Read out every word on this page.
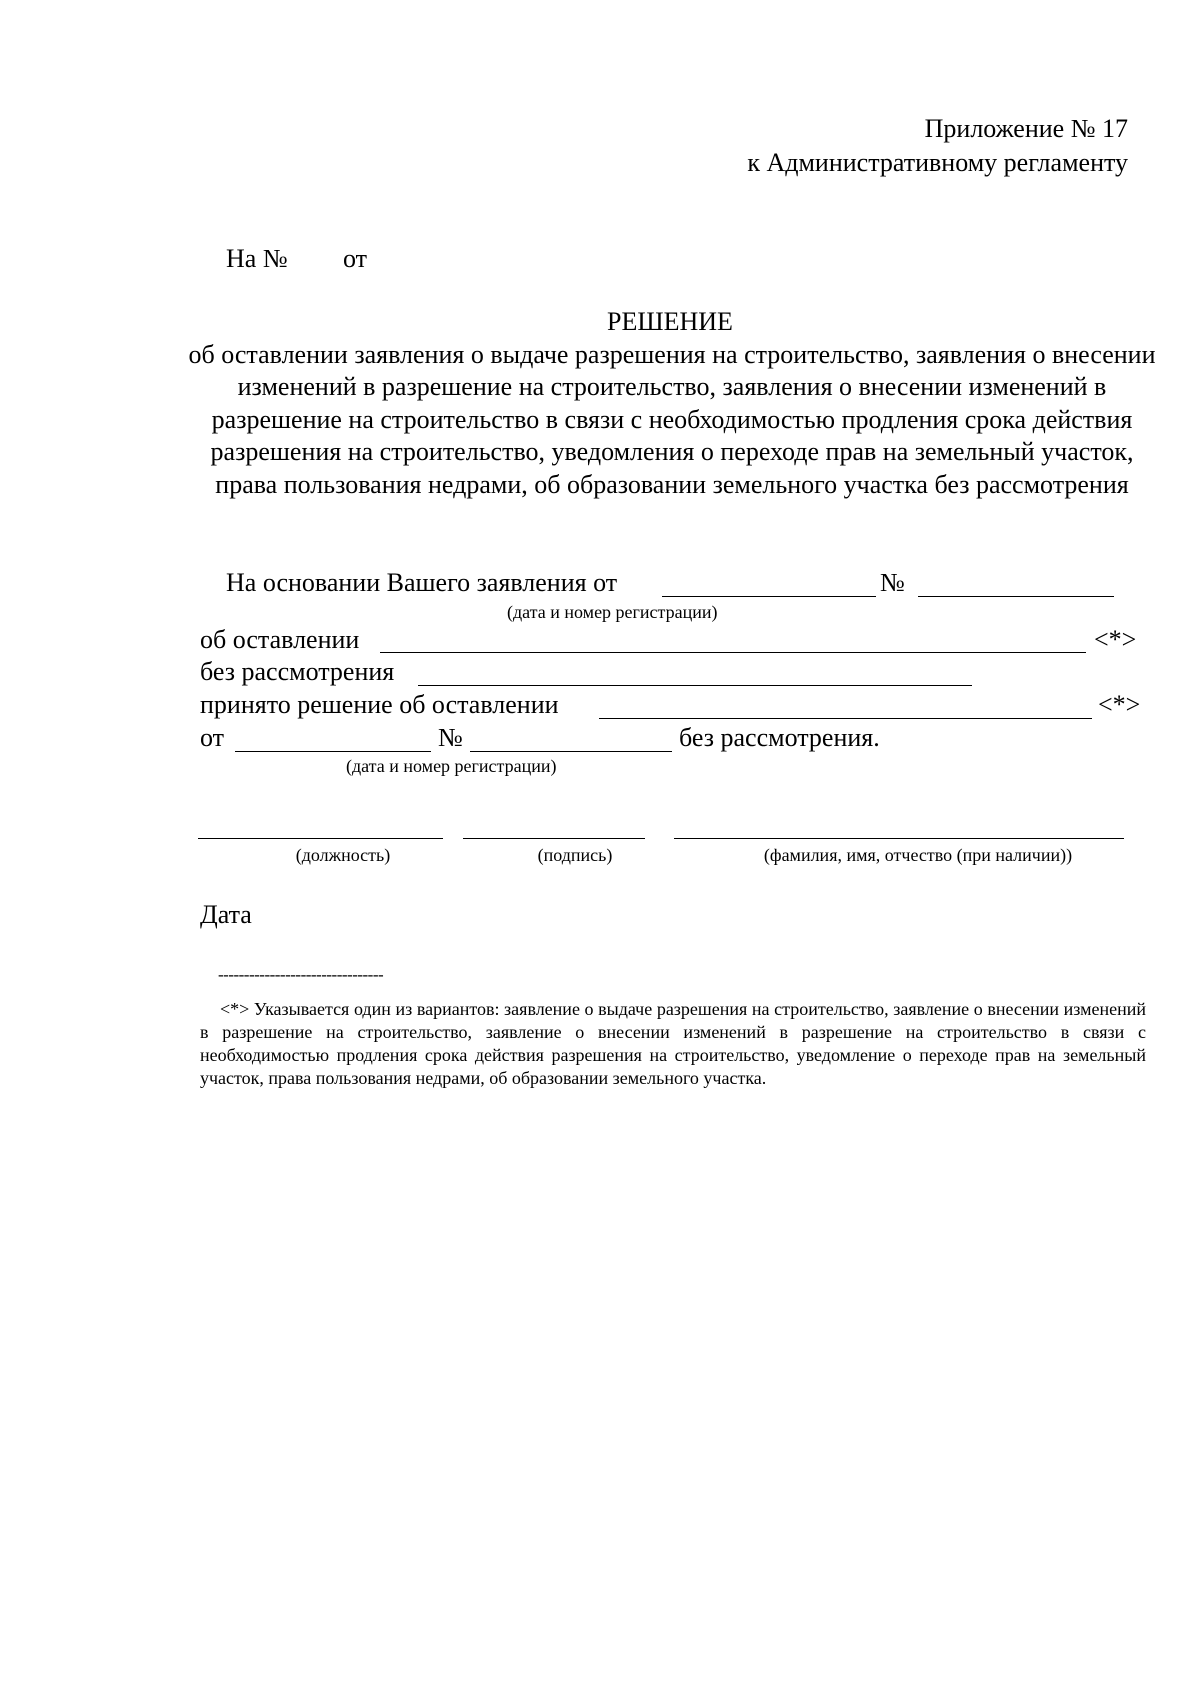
Приложение № 17
к Административному регламенту
На № от
РЕШЕНИЕ
об оставлении заявления о выдаче разрешения на строительство, заявления о внесении изменений в разрешение на строительство, заявления о внесении изменений в разрешение на строительство в связи с необходимостью продления срока действия разрешения на строительство, уведомления о переходе прав на земельный участок, права пользования недрами, об образовании земельного участка без рассмотрения
На основании Вашего заявления от	№
(дата и номер регистрации)
об оставлении	<*>
без рассмотрения
принято решение об оставлении	<*>
от	№	без рассмотрения.
(дата и номер регистрации)
(должность)	(подпись)	(фамилия, имя, отчество (при наличии))
Дата
--------------------------------
<*> Указывается один из вариантов: заявление о выдаче разрешения на строительство, заявление о внесении изменений в разрешение на строительство, заявление о внесении изменений в разрешение на строительство в связи с необходимостью продления срока действия разрешения на строительство, уведомление о переходе прав на земельный участок, права пользования недрами, об образовании земельного участка.
